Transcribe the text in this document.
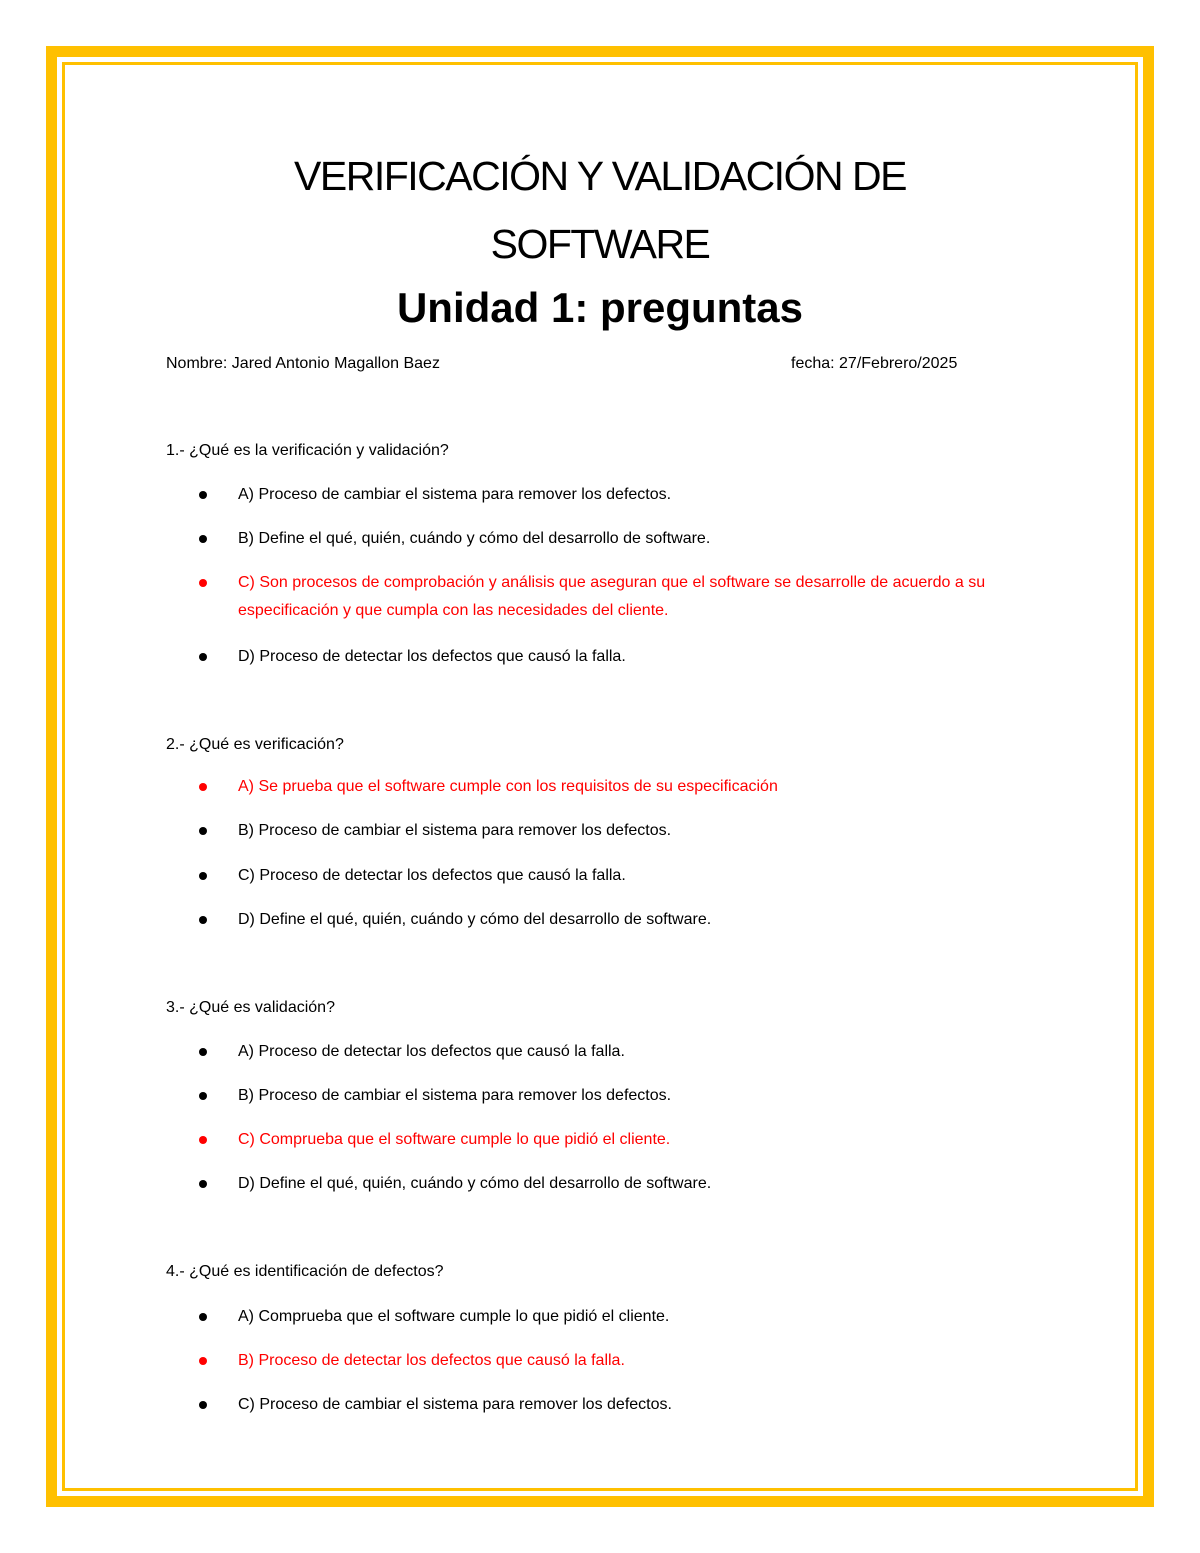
VERIFICACIÓN Y VALIDACIÓN DE
SOFTWARE
Unidad 1: preguntas
Nombre: Jared Antonio Magallon Baez	fecha: 27/Febrero/2025
1.- ¿Qué es la verificación y validación?
A) Proceso de cambiar el sistema para remover los defectos.
B) Define el qué, quién, cuándo y cómo del desarrollo de software.
C) Son procesos de comprobación y análisis que aseguran que el software se desarrolle de acuerdo a su especificación y que cumpla con las necesidades del cliente.
D) Proceso de detectar los defectos que causó la falla.
2.- ¿Qué es verificación?
A) Se prueba que el software cumple con los requisitos de su especificación
B) Proceso de cambiar el sistema para remover los defectos.
C) Proceso de detectar los defectos que causó la falla.
D) Define el qué, quién, cuándo y cómo del desarrollo de software.
3.- ¿Qué es validación?
A) Proceso de detectar los defectos que causó la falla.
B) Proceso de cambiar el sistema para remover los defectos.
C) Comprueba que el software cumple lo que pidió el cliente.
D) Define el qué, quién, cuándo y cómo del desarrollo de software.
4.- ¿Qué es identificación de defectos?
A) Comprueba que el software cumple lo que pidió el cliente.
B) Proceso de detectar los defectos que causó la falla.
C) Proceso de cambiar el sistema para remover los defectos.
